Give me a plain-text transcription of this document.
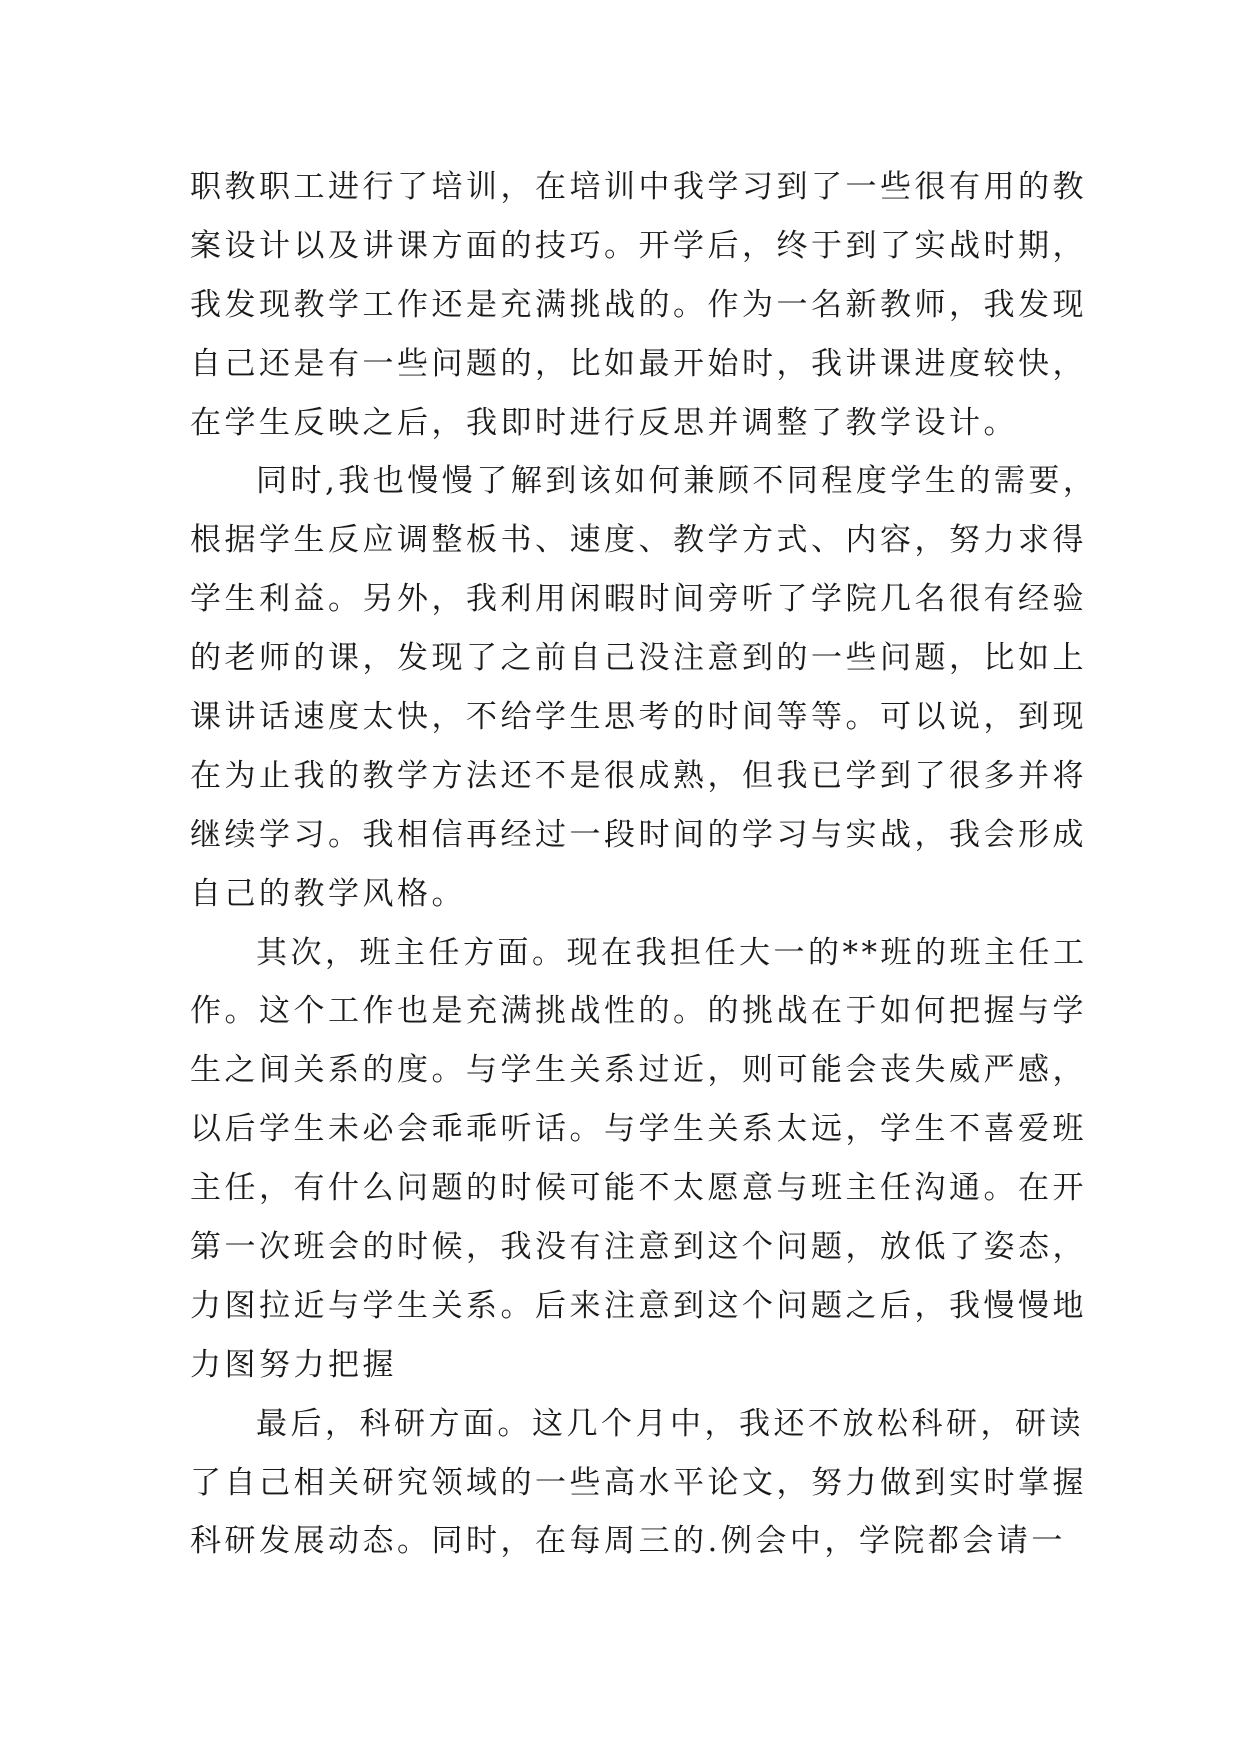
职教职工进行了培训，在培训中我学习到了一些很有用的教
案设计以及讲课方面的技巧。开学后，终于到了实战时期，
我发现教学工作还是充满挑战的。作为一名新教师，我发现
自己还是有一些问题的，比如最开始时，我讲课进度较快，
在学生反映之后，我即时进行反思并调整了教学设计。
同时,我也慢慢了解到该如何兼顾不同程度学生的需要，
根据学生反应调整板书、速度、教学方式、内容，努力求得
学生利益。另外，我利用闲暇时间旁听了学院几名很有经验
的老师的课，发现了之前自己没注意到的一些问题，比如上
课讲话速度太快，不给学生思考的时间等等。可以说，到现
在为止我的教学方法还不是很成熟，但我已学到了很多并将
继续学习。我相信再经过一段时间的学习与实战，我会形成
自己的教学风格。
其次，班主任方面。现在我担任大一的**班的班主任工
作。这个工作也是充满挑战性的。的挑战在于如何把握与学
生之间关系的度。与学生关系过近，则可能会丧失威严感，
以后学生未必会乖乖听话。与学生关系太远，学生不喜爱班
主任，有什么问题的时候可能不太愿意与班主任沟通。在开
第一次班会的时候，我没有注意到这个问题，放低了姿态，
力图拉近与学生关系。后来注意到这个问题之后，我慢慢地
力图努力把握
最后，科研方面。这几个月中，我还不放松科研，研读
了自己相关研究领域的一些高水平论文，努力做到实时掌握
科研发展动态。同时，在每周三的.例会中，学院都会请一
